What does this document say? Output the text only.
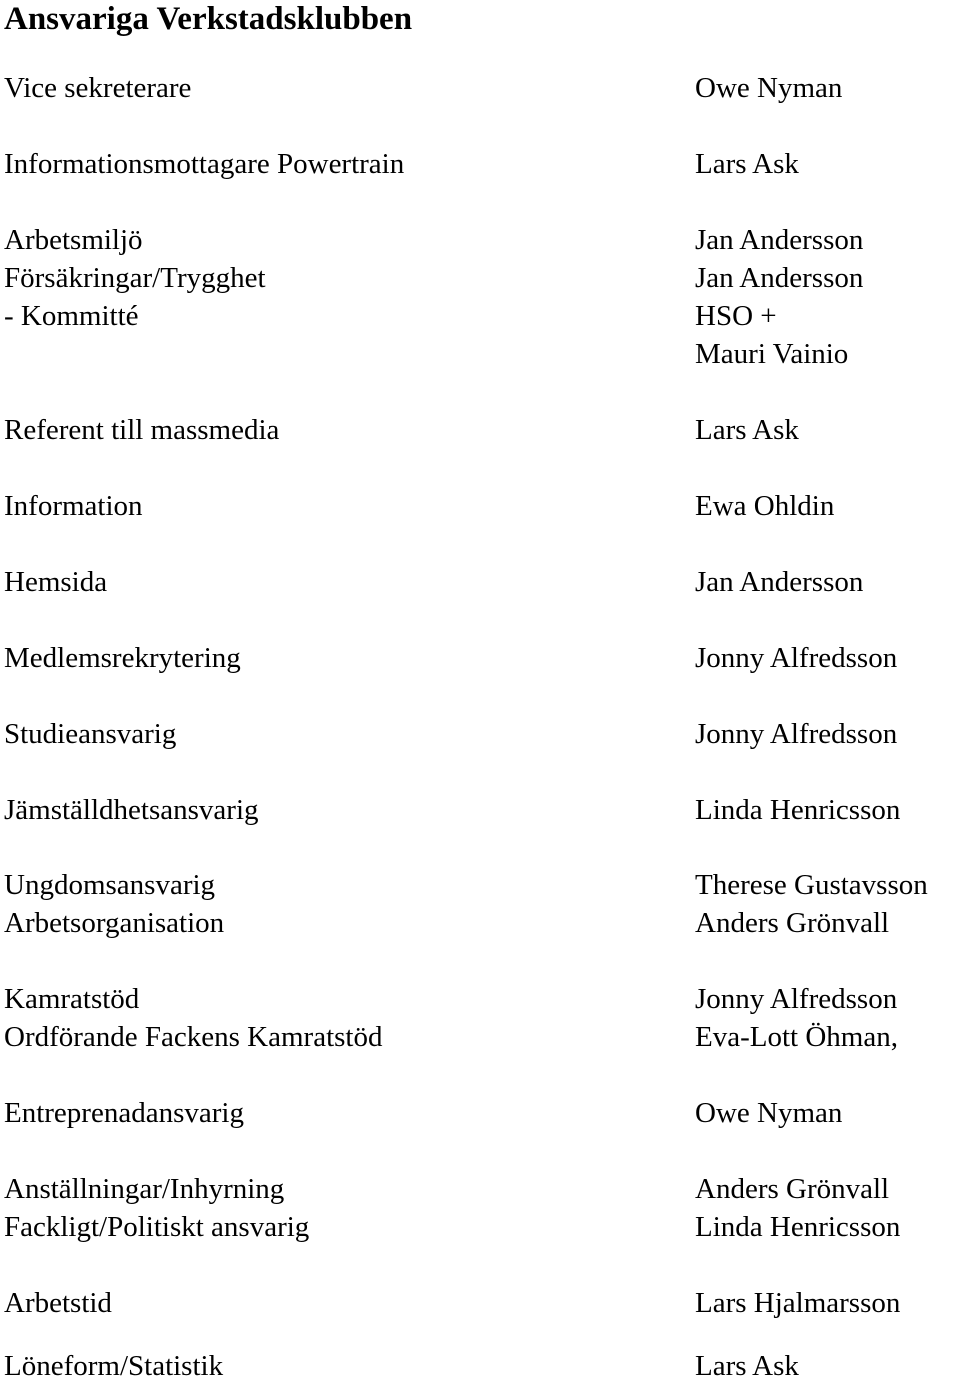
Ansvariga Verkstadsklubben
Vice sekreterare	Owe Nyman
Informationsmottagare Powertrain	Lars Ask
Arbetsmiljö	Jan Andersson
Försäkringar/Trygghet	Jan Andersson
- Kommitté	HSO +
Mauri Vainio
Referent till massmedia	Lars Ask
Information	Ewa Ohldin
Hemsida	Jan Andersson
Medlemsrekrytering	Jonny Alfredsson
Studieansvarig	Jonny Alfredsson
Jämställdhetsansvarig	Linda Henricsson
Ungdomsansvarig	Therese Gustavsson
Arbetsorganisation	Anders Grönvall
Kamratstöd	Jonny Alfredsson
Ordförande Fackens Kamratstöd	Eva-Lott Öhman,
Entreprenadansvarig	Owe Nyman
Anställningar/Inhyrning	Anders Grönvall
Fackligt/Politiskt ansvarig	Linda Henricsson
Arbetstid	Lars Hjalmarsson
Löneform/Statistik	Lars Ask
